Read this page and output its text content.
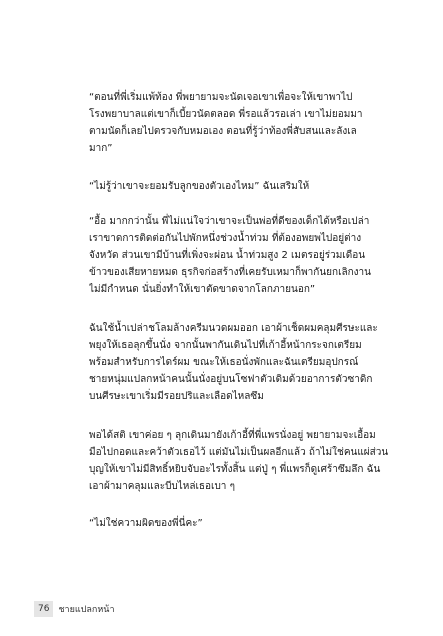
“ตอนที่พี่เริ่มแพ้ท้อง พี่พยายามจะนัดเจอเขาเพื่อจะให้เขาพาไป
โรงพยาบาลแต่เขาก็เบี้ยวนัดตลอด พี่รอแล้วรอเล่า เขาไม่ยอมมา
ตามนัดก็เลยไปตรวจกับหมอเอง ตอนที่รู้ว่าท้องพี่สับสนและลังเล
มาก”

“ไม่รู้ว่าเขาจะยอมรับลูกของตัวเองไหม” ฉันเสริมให้

“อื้อ มากกว่านั้น พี่ไม่แน่ใจว่าเขาจะเป็นพ่อที่ดีของเด็กได้หรือเปล่า
เราขาดการติดต่อกันไปพักหนึ่งช่วงน้ำท่วม ที่ต้องอพยพไปอยู่ต่าง
จังหวัด ส่วนเขามีบ้านที่เพิ่งจะผ่อน น้ำท่วมสูง 2 เมตรอยู่ร่วมเดือน
ข้าวของเสียหายหมด ธุรกิจก่อสร้างที่เคยรับเหมาก็พากันยกเลิกงาน
ไม่มีกำหนด นั่นยิ่งทำให้เขาตัดขาดจากโลกภายนอก”

ฉันใช้น้ำเปล่าชโลมล้างครีมนวดผมออก เอาผ้าเช็ดผมคลุมศีรษะและ
พยุงให้เธอลุกขึ้นนั่ง จากนั้นพากันเดินไปที่เก้าอี้หน้ากระจกเตรียม
พร้อมสำหรับการไดร์ผม ขณะให้เธอนั่งพักและฉันเตรียมอุปกรณ์
ชายหนุ่มแปลกหน้าคนนั้นนั่งอยู่บนโซฟาตัวเดิมด้วยอาการตัวซาดิก
บนศีรษะเขาเริ่มมีรอยปริและเลือดไหลซึม

พอได้สติ เขาค่อย ๆ ลุกเดินมายังเก้าอี้ที่พี่แพรนั่งอยู่ พยายามจะเอื้อม
มือไปกอดและคว้าตัวเธอไว้ แต่มันไม่เป็นผลอีกแล้ว ถ้าไม่ใช่คนแผ่ส่วน
บุญให้เขาไม่มีสิทธิ์หยิบจับอะไรทั้งสิ้น แต่ปู่ ๆ พี่แพรก็ดูเศร้าซึมลึก ฉัน
เอาผ้ามาคลุมและบีบไหล่เธอเบา ๆ

“ไม่ใช่ความผิดของพี่นี่คะ”

76	ชายแปลกหน้า
